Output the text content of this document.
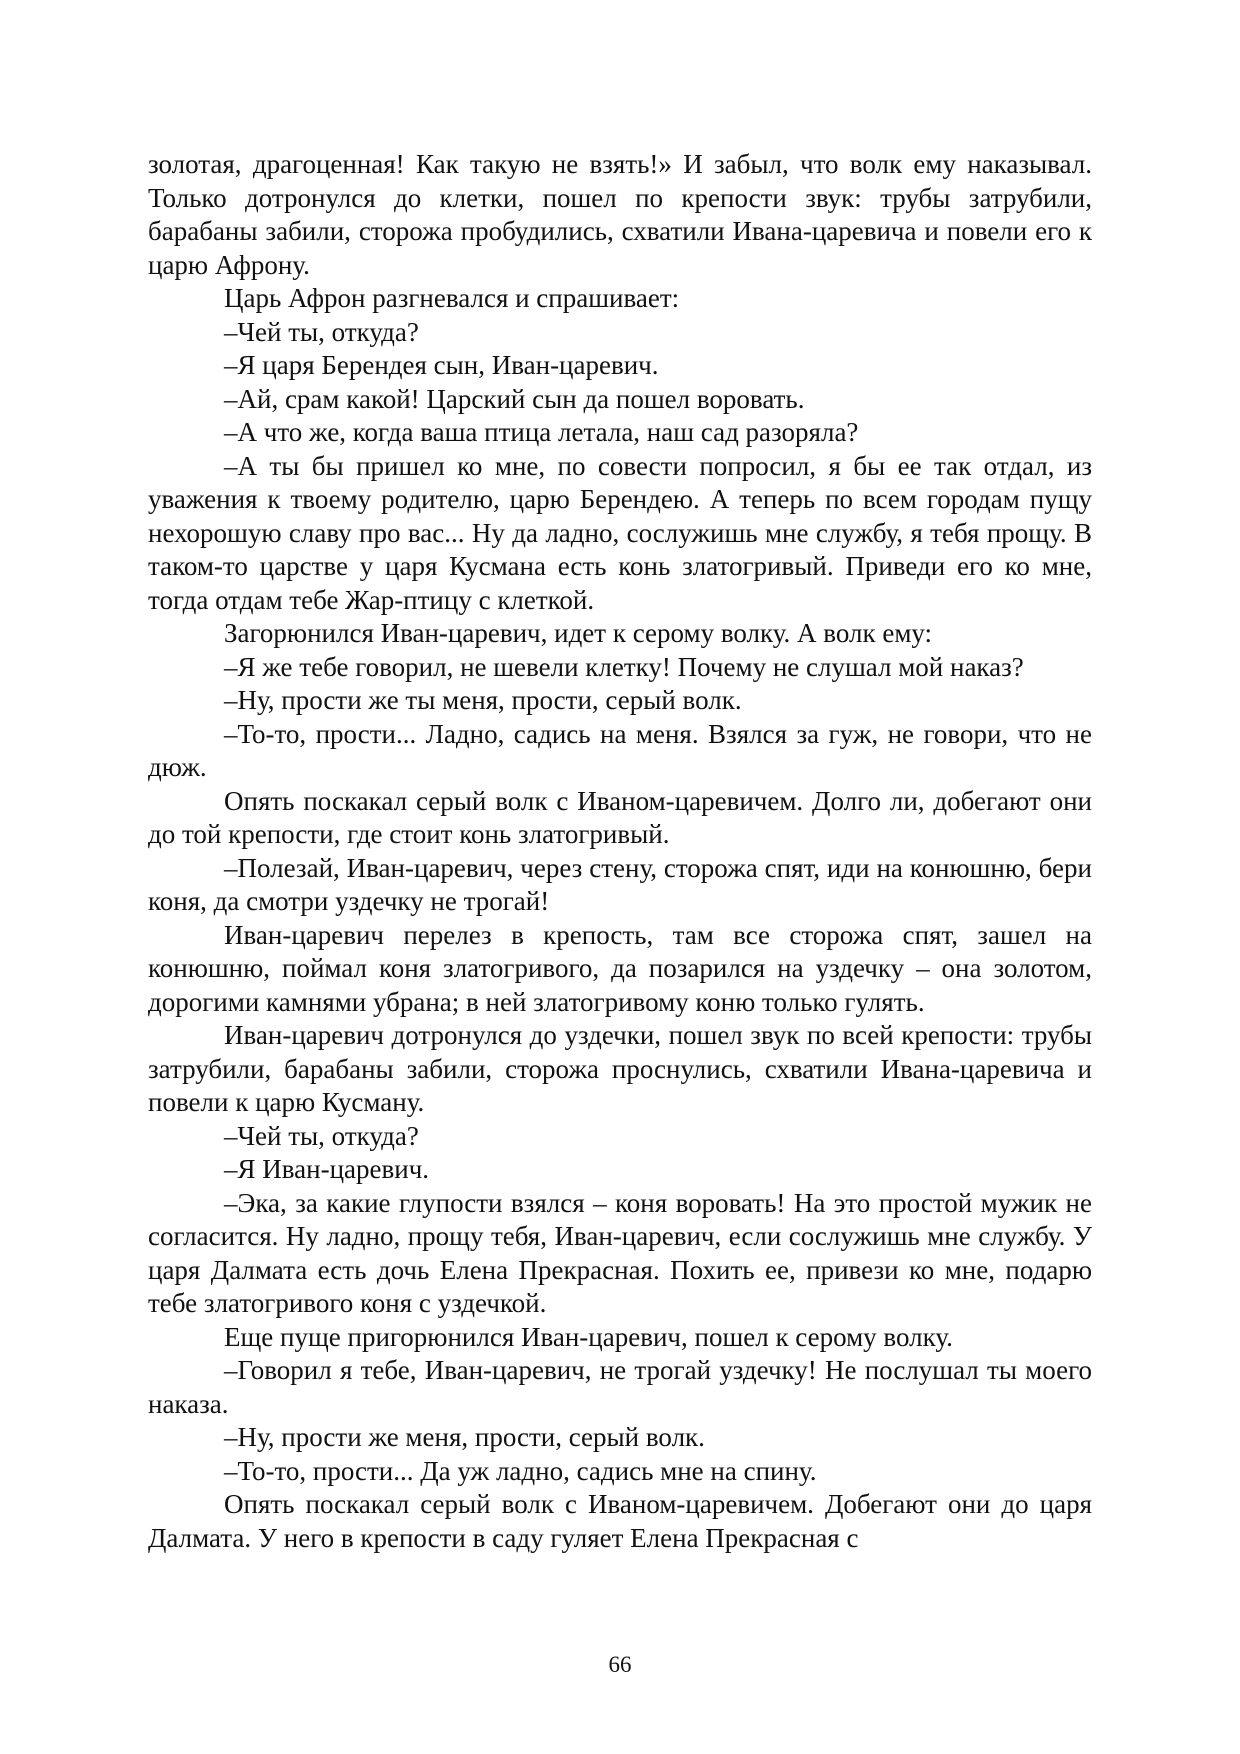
золотая, драгоценная! Как такую не взять!» И забыл, что волк ему наказывал. Только дотронулся до клетки, пошел по крепости звук: трубы затрубили, барабаны забили, сторожа пробудились, схватили Ивана-царевича и повели его к царю Афрону.

Царь Афрон разгневался и спрашивает:

–Чей ты, откуда?

–Я царя Берендея сын, Иван-царевич.

–Ай, срам какой! Царский сын да пошел воровать.

–А что же, когда ваша птица летала, наш сад разоряла?

–А ты бы пришел ко мне, по совести попросил, я бы ее так отдал, из уважения к твоему родителю, царю Берендею. А теперь по всем городам пущу нехорошую славу про вас... Ну да ладно, сослужишь мне службу, я тебя прощу. В таком-то царстве у царя Кусмана есть конь златогривый. Приведи его ко мне, тогда отдам тебе Жар-птицу с клеткой.

Загорюнился Иван-царевич, идет к серому волку. А волк ему:

–Я же тебе говорил, не шевели клетку! Почему не слушал мой наказ?

–Ну, прости же ты меня, прости, серый волк.

–То-то, прости... Ладно, садись на меня. Взялся за гуж, не говори, что не дюж.

Опять поскакал серый волк с Иваном-царевичем. Долго ли, добегают они до той крепости, где стоит конь златогривый.

–Полезай, Иван-царевич, через стену, сторожа спят, иди на конюшню, бери коня, да смотри уздечку не трогай!

Иван-царевич перелез в крепость, там все сторожа спят, зашел на конюшню, поймал коня златогривого, да позарился на уздечку – она золотом, дорогими камнями убрана; в ней златогривому коню только гулять.

Иван-царевич дотронулся до уздечки, пошел звук по всей крепости: трубы затрубили, барабаны забили, сторожа проснулись, схватили Ивана-царевича и повели к царю Кусману.

–Чей ты, откуда?

–Я Иван-царевич.

–Эка, за какие глупости взялся – коня воровать! На это простой мужик не согласится. Ну ладно, прощу тебя, Иван-царевич, если сослужишь мне службу. У царя Далмата есть дочь Елена Прекрасная. Похить ее, привези ко мне, подарю тебе златогривого коня с уздечкой.

Еще пуще пригорюнился Иван-царевич, пошел к серому волку.

–Говорил я тебе, Иван-царевич, не трогай уздечку! Не послушал ты моего наказа.

–Ну, прости же меня, прости, серый волк.

–То-то, прости... Да уж ладно, садись мне на спину.

Опять поскакал серый волк с Иваном-царевичем. Добегают они до царя Далмата. У него в крепости в саду гуляет Елена Прекрасная с

66
